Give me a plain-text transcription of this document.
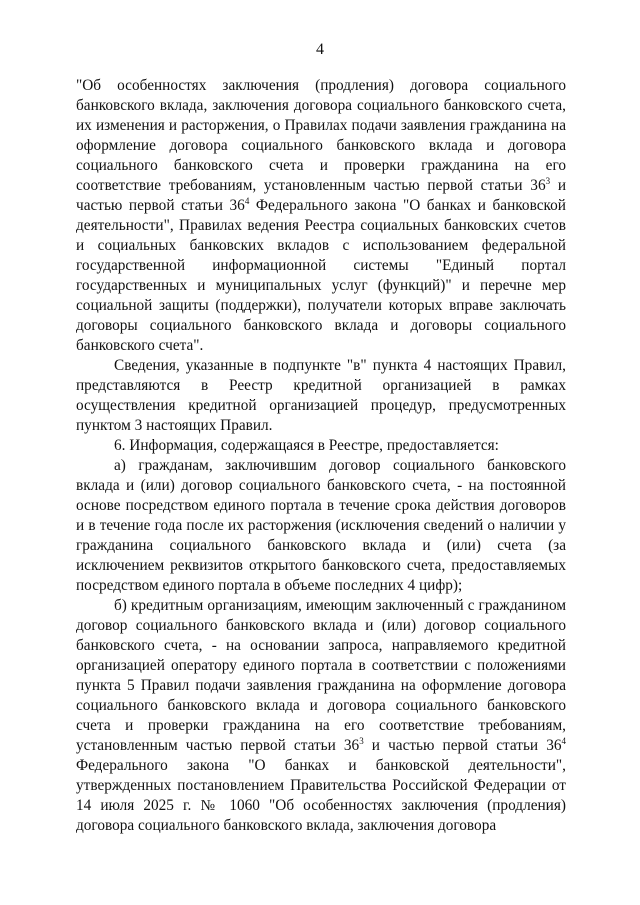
4

"Об особенностях заключения (продления) договора социального банковского вклада, заключения договора социального банковского счета, их изменения и расторжения, о Правилах подачи заявления гражданина на оформление договора социального банковского вклада и договора социального банковского счета и проверки гражданина на его соответствие требованиям, установленным частью первой статьи $36^3$ и частью первой статьи $36^4$ Федерального закона "О банках и банковской деятельности", Правилах ведения Реестра социальных банковских счетов и социальных банковских вкладов с использованием федеральной государственной информационной системы "Единый портал государственных и муниципальных услуг (функций)" и перечне мер социальной защиты (поддержки), получатели которых вправе заключать договоры социального банковского вклада и договоры социального банковского счета".

Сведения, указанные в подпункте "в" пункта 4 настоящих Правил, представляются в Реестр кредитной организацией в рамках осуществления кредитной организацией процедур, предусмотренных пунктом 3 настоящих Правил.

6. Информация, содержащаяся в Реестре, предоставляется:

а) гражданам, заключившим договор социального банковского вклада и (или) договор социального банковского счета, - на постоянной основе посредством единого портала в течение срока действия договоров и в течение года после их расторжения (исключения сведений о наличии у гражданина социального банковского вклада и (или) счета (за исключением реквизитов открытого банковского счета, предоставляемых посредством единого портала в объеме последних 4 цифр);

б) кредитным организациям, имеющим заключенный с гражданином договор социального банковского вклада и (или) договор социального банковского счета, - на основании запроса, направляемого кредитной организацией оператору единого портала в соответствии с положениями пункта 5 Правил подачи заявления гражданина на оформление договора социального банковского вклада и договора социального банковского счета и проверки гражданина на его соответствие требованиям, установленным частью первой статьи $36^3$ и частью первой статьи $36^4$ Федерального закона "О банках и банковской деятельности", утвержденных постановлением Правительства Российской Федерации от 14 июля 2025 г. № 1060 "Об особенностях заключения (продления) договора социального банковского вклада, заключения договора
